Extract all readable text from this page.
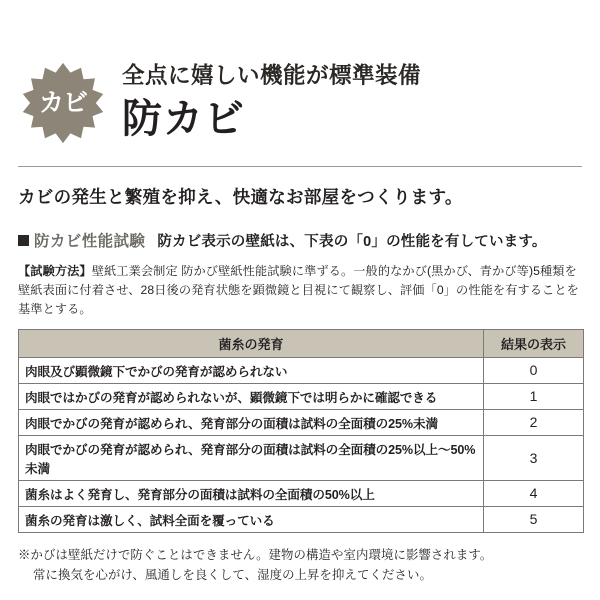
カビ
全点に嬉しい機能が標準装備
防カビ
カビの発生と繁殖を抑え、快適なお部屋をつくります。
防カビ性能試験 防カビ表示の壁紙は、下表の「0」の性能を有しています。
【試験方法】壁紙工業会制定 防かび壁紙性能試験に準ずる。一般的なかび(黒かび、青かび等)5種類を壁紙表面に付着させ、28日後の発育状態を顕微鏡と目視にて観察し、評価「0」の性能を有することを基準とする。
菌糸の発育	結果の表示
肉眼及び顕微鏡下でかびの発育が認められない	0
肉眼ではかびの発育が認められないが、顕微鏡下では明らかに確認できる	1
肉眼でかびの発育が認められ、発育部分の面積は試料の全面積の25%未満	2
肉眼でかびの発育が認められ、発育部分の面積は試料の全面積の25%以上〜50%未満	3
菌糸はよく発育し、発育部分の面積は試料の全面積の50%以上	4
菌糸の発育は激しく、試料全面を覆っている	5
※かびは壁紙だけで防ぐことはできません。建物の構造や室内環境に影響されます。
常に換気を心がけ、風通しを良くして、湿度の上昇を抑えてください。
